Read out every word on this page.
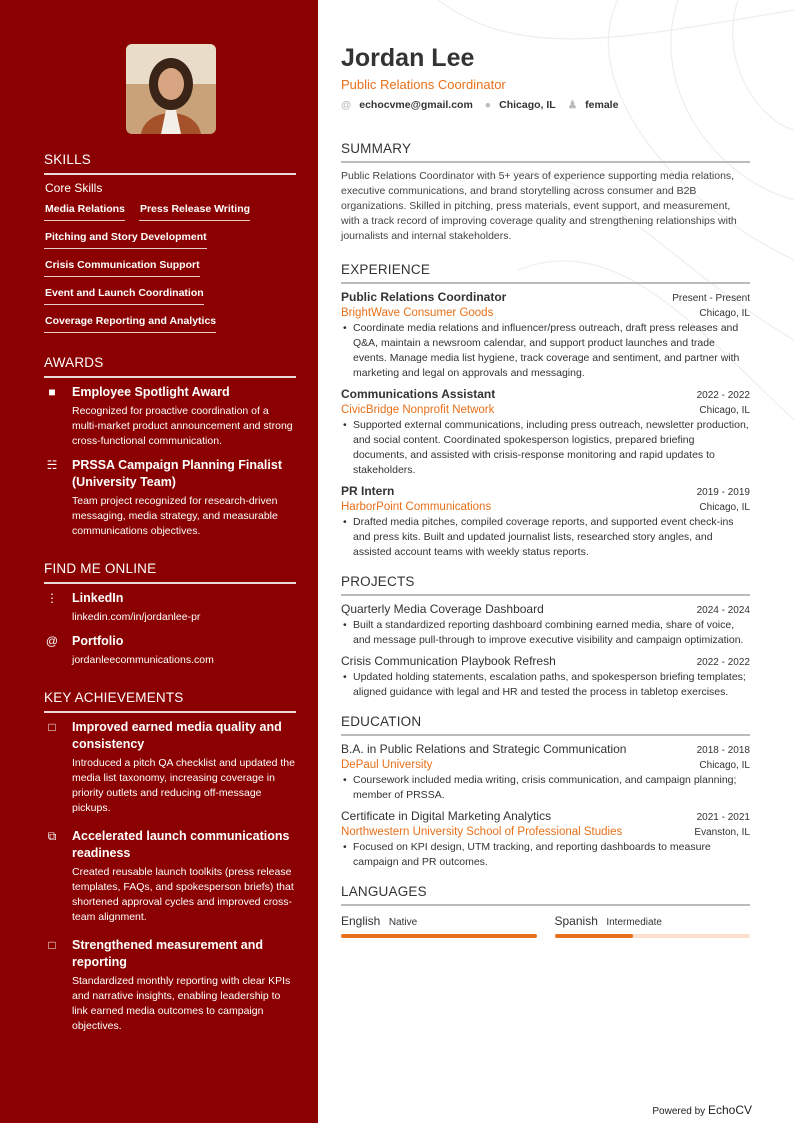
SKILLS
Core Skills
Media Relations Press Release Writing
Pitching and Story Development
Crisis Communication Support
Event and Launch Coordination
Coverage Reporting and Analytics
AWARDS
■ Employee Spotlight Award
Recognized for proactive coordination of a multi-market product announcement and strong cross-functional communication.
☵ PRSSA Campaign Planning Finalist (University Team)
Team project recognized for research-driven messaging, media strategy, and measurable communications objectives.
FIND ME ONLINE
⋮ LinkedIn
linkedin.com/in/jordanlee-pr
@ Portfolio
jordanleecommunications.com
KEY ACHIEVEMENTS
□ Improved earned media quality and consistency
Introduced a pitch QA checklist and updated the media list taxonomy, increasing coverage in priority outlets and reducing off-message pickups.
⧉ Accelerated launch communications readiness
Created reusable launch toolkits (press release templates, FAQs, and spokesperson briefs) that shortened approval cycles and improved cross-team alignment.
□ Strengthened measurement and reporting
Standardized monthly reporting with clear KPIs and narrative insights, enabling leadership to link earned media outcomes to campaign objectives.
Jordan Lee
Public Relations Coordinator
@ echocvme@gmail.com ● Chicago, IL ♟ female
SUMMARY
Public Relations Coordinator with 5+ years of experience supporting media relations, executive communications, and brand storytelling across consumer and B2B organizations. Skilled in pitching, press materials, event support, and measurement, with a track record of improving coverage quality and strengthening relationships with journalists and internal stakeholders.
EXPERIENCE
Public Relations Coordinator	Present - Present
BrightWave Consumer Goods	Chicago, IL
• Coordinate media relations and influencer/press outreach, draft press releases and Q&A, maintain a newsroom calendar, and support product launches and trade events. Manage media list hygiene, track coverage and sentiment, and partner with marketing and legal on approvals and messaging.
Communications Assistant	2022 - 2022
CivicBridge Nonprofit Network	Chicago, IL
• Supported external communications, including press outreach, newsletter production, and social content. Coordinated spokesperson logistics, prepared briefing documents, and assisted with crisis-response monitoring and rapid updates to stakeholders.
PR Intern	2019 - 2019
HarborPoint Communications	Chicago, IL
• Drafted media pitches, compiled coverage reports, and supported event check-ins and press kits. Built and updated journalist lists, researched story angles, and assisted account teams with weekly status reports.
PROJECTS
Quarterly Media Coverage Dashboard	2024 - 2024
• Built a standardized reporting dashboard combining earned media, share of voice, and message pull-through to improve executive visibility and campaign optimization.
Crisis Communication Playbook Refresh	2022 - 2022
• Updated holding statements, escalation paths, and spokesperson briefing templates; aligned guidance with legal and HR and tested the process in tabletop exercises.
EDUCATION
B.A. in Public Relations and Strategic Communication	2018 - 2018
DePaul University	Chicago, IL
• Coursework included media writing, crisis communication, and campaign planning; member of PRSSA.
Certificate in Digital Marketing Analytics	2021 - 2021
Northwestern University School of Professional Studies	Evanston, IL
• Focused on KPI design, UTM tracking, and reporting dashboards to measure campaign and PR outcomes.
LANGUAGES
English Native	Spanish Intermediate
Powered by EchoCV
